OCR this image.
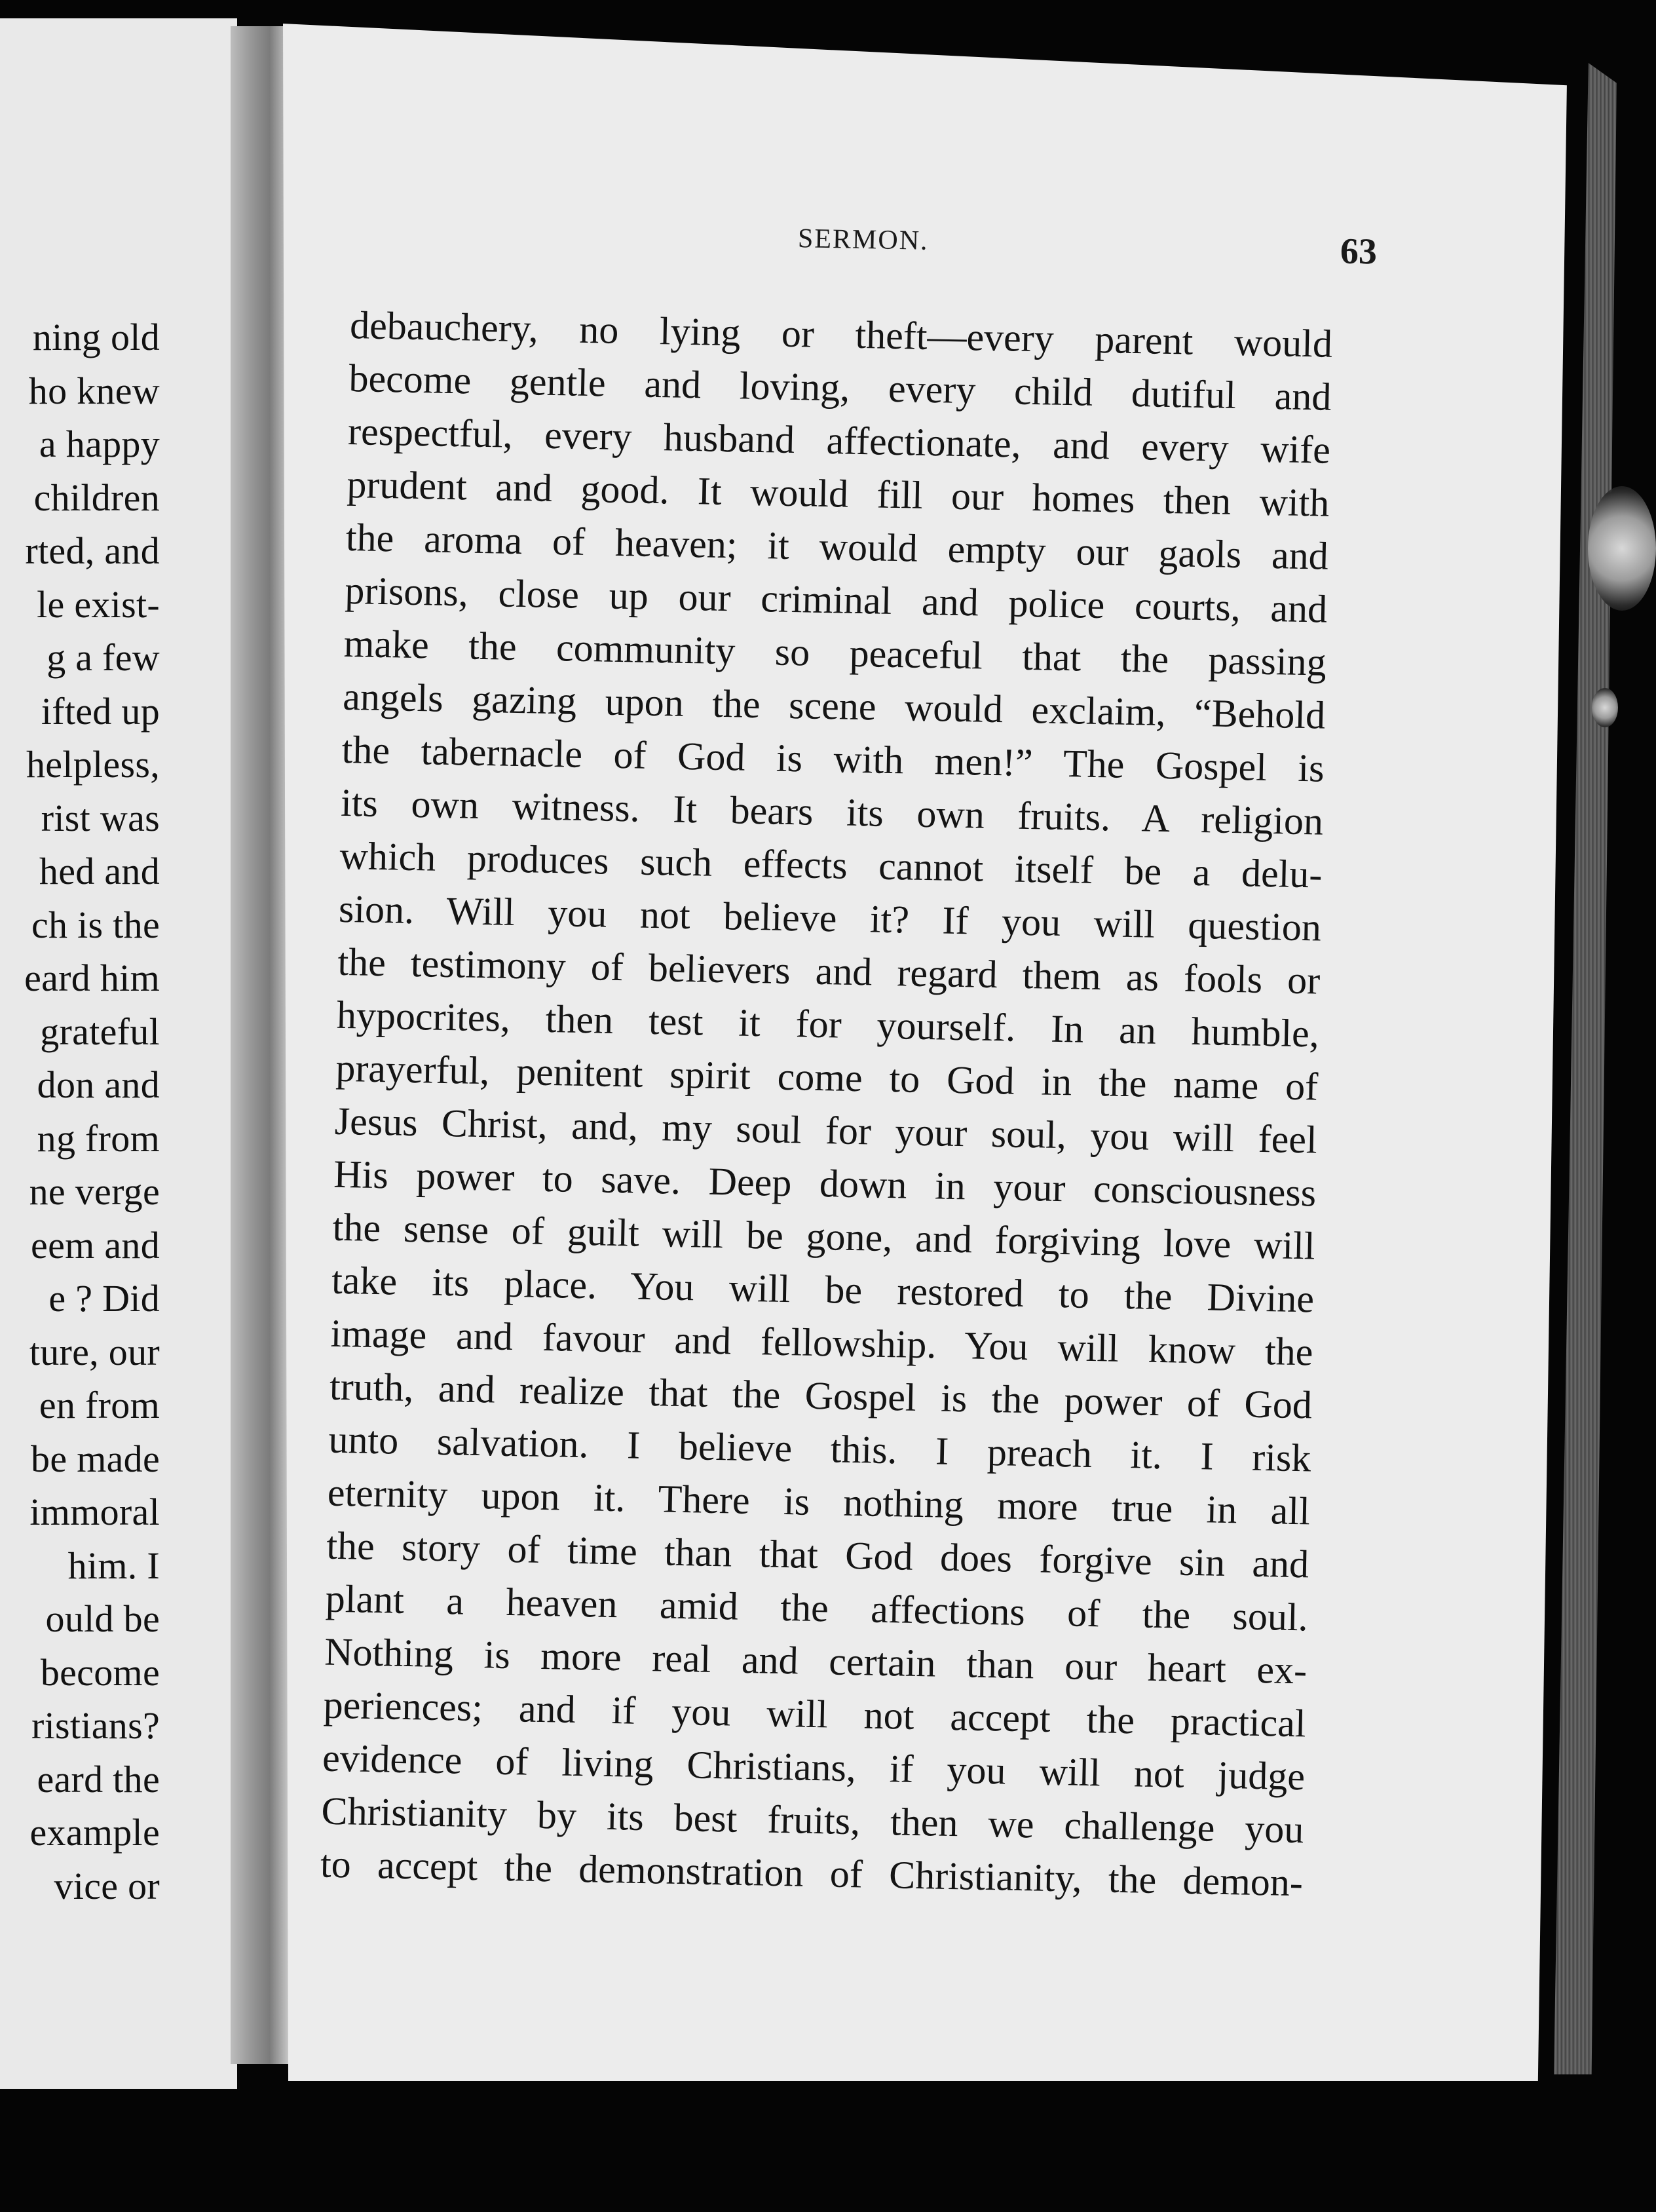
ning old
ho knew
a happy
children
rted, and
le exist-
g a few
ifted up
helpless,
rist was
hed and
ch is the
eard him
grateful
don and
ng from
ne verge
eem and
e ? Did
ture, our
en from
be made
immoral
him. I
ould be
become
ristians?
eard the
example
vice or
SERMON.	63
debauchery, no lying or theft—every parent would
become gentle and loving, every child dutiful and
respectful, every husband affectionate, and every wife
prudent and good. It would fill our homes then with
the aroma of heaven; it would empty our gaols and
prisons, close up our criminal and police courts, and
make the community so peaceful that the passing
angels gazing upon the scene would exclaim, “Behold
the tabernacle of God is with men!” The Gospel is
its own witness. It bears its own fruits. A religion
which produces such effects cannot itself be a delu-
sion. Will you not believe it? If you will question
the testimony of believers and regard them as fools or
hypocrites, then test it for yourself. In an humble,
prayerful, penitent spirit come to God in the name of
Jesus Christ, and, my soul for your soul, you will feel
His power to save. Deep down in your consciousness
the sense of guilt will be gone, and forgiving love will
take its place. You will be restored to the Divine
image and favour and fellowship. You will know the
truth, and realize that the Gospel is the power of God
unto salvation. I believe this. I preach it. I risk
eternity upon it. There is nothing more true in all
the story of time than that God does forgive sin and
plant a heaven amid the affections of the soul.
Nothing is more real and certain than our heart ex-
periences; and if you will not accept the practical
evidence of living Christians, if you will not judge
Christianity by its best fruits, then we challenge you
to accept the demonstration of Christianity, the demon-
